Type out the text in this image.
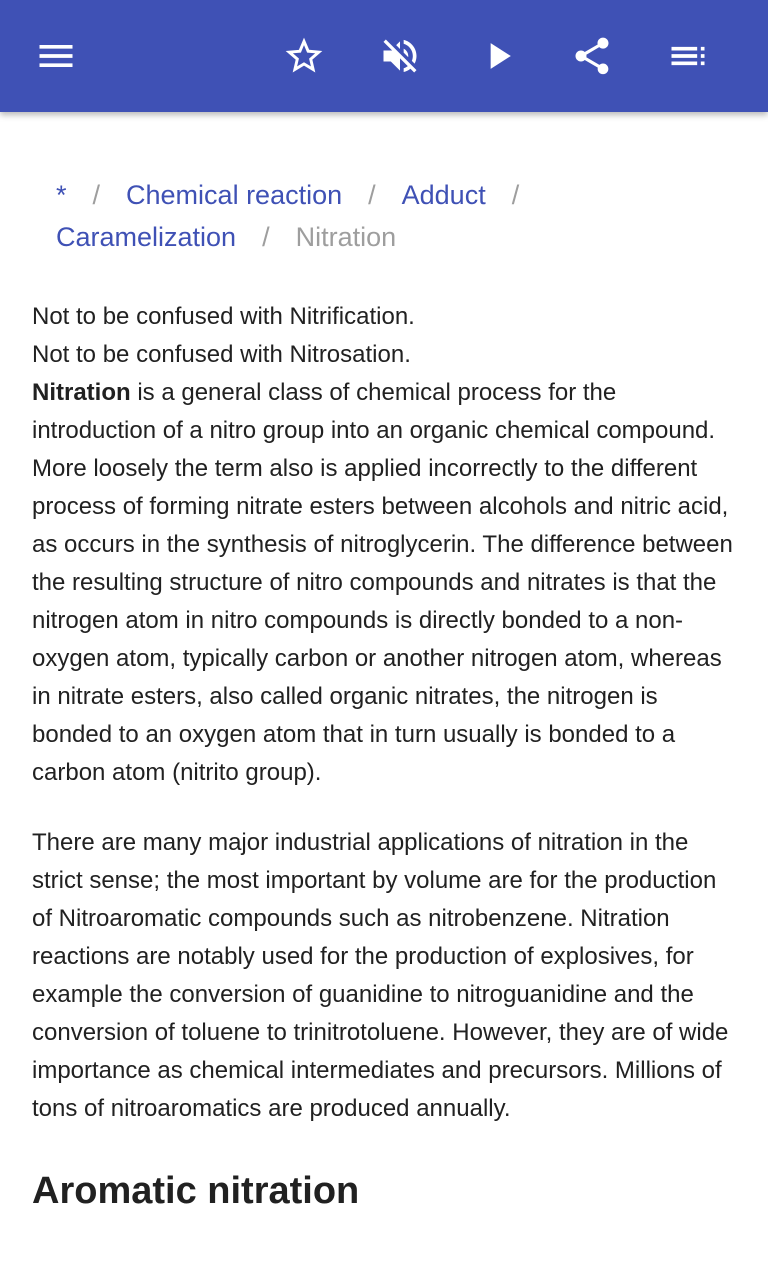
* / Chemical reaction / Adduct /
Caramelization / Nitration

Not to be confused with Nitrification.

Not to be confused with Nitrosation.

Nitration is a general class of chemical process for the introduction of a nitro group into an organic chemical compound. More loosely the term also is applied incorrectly to the different process of forming nitrate esters between alcohols and nitric acid, as occurs in the synthesis of nitroglycerin. The difference between the resulting structure of nitro compounds and nitrates is that the nitrogen atom in nitro compounds is directly bonded to a non-oxygen atom, typically carbon or another nitrogen atom, whereas in nitrate esters, also called organic nitrates, the nitrogen is bonded to an oxygen atom that in turn usually is bonded to a carbon atom (nitrito group).

There are many major industrial applications of nitration in the strict sense; the most important by volume are for the production of Nitroaromatic compounds such as nitrobenzene. Nitration reactions are notably used for the production of explosives, for example the conversion of guanidine to nitroguanidine and the conversion of toluene to trinitrotoluene. However, they are of wide importance as chemical intermediates and precursors. Millions of tons of nitroaromatics are produced annually.

Aromatic nitration
